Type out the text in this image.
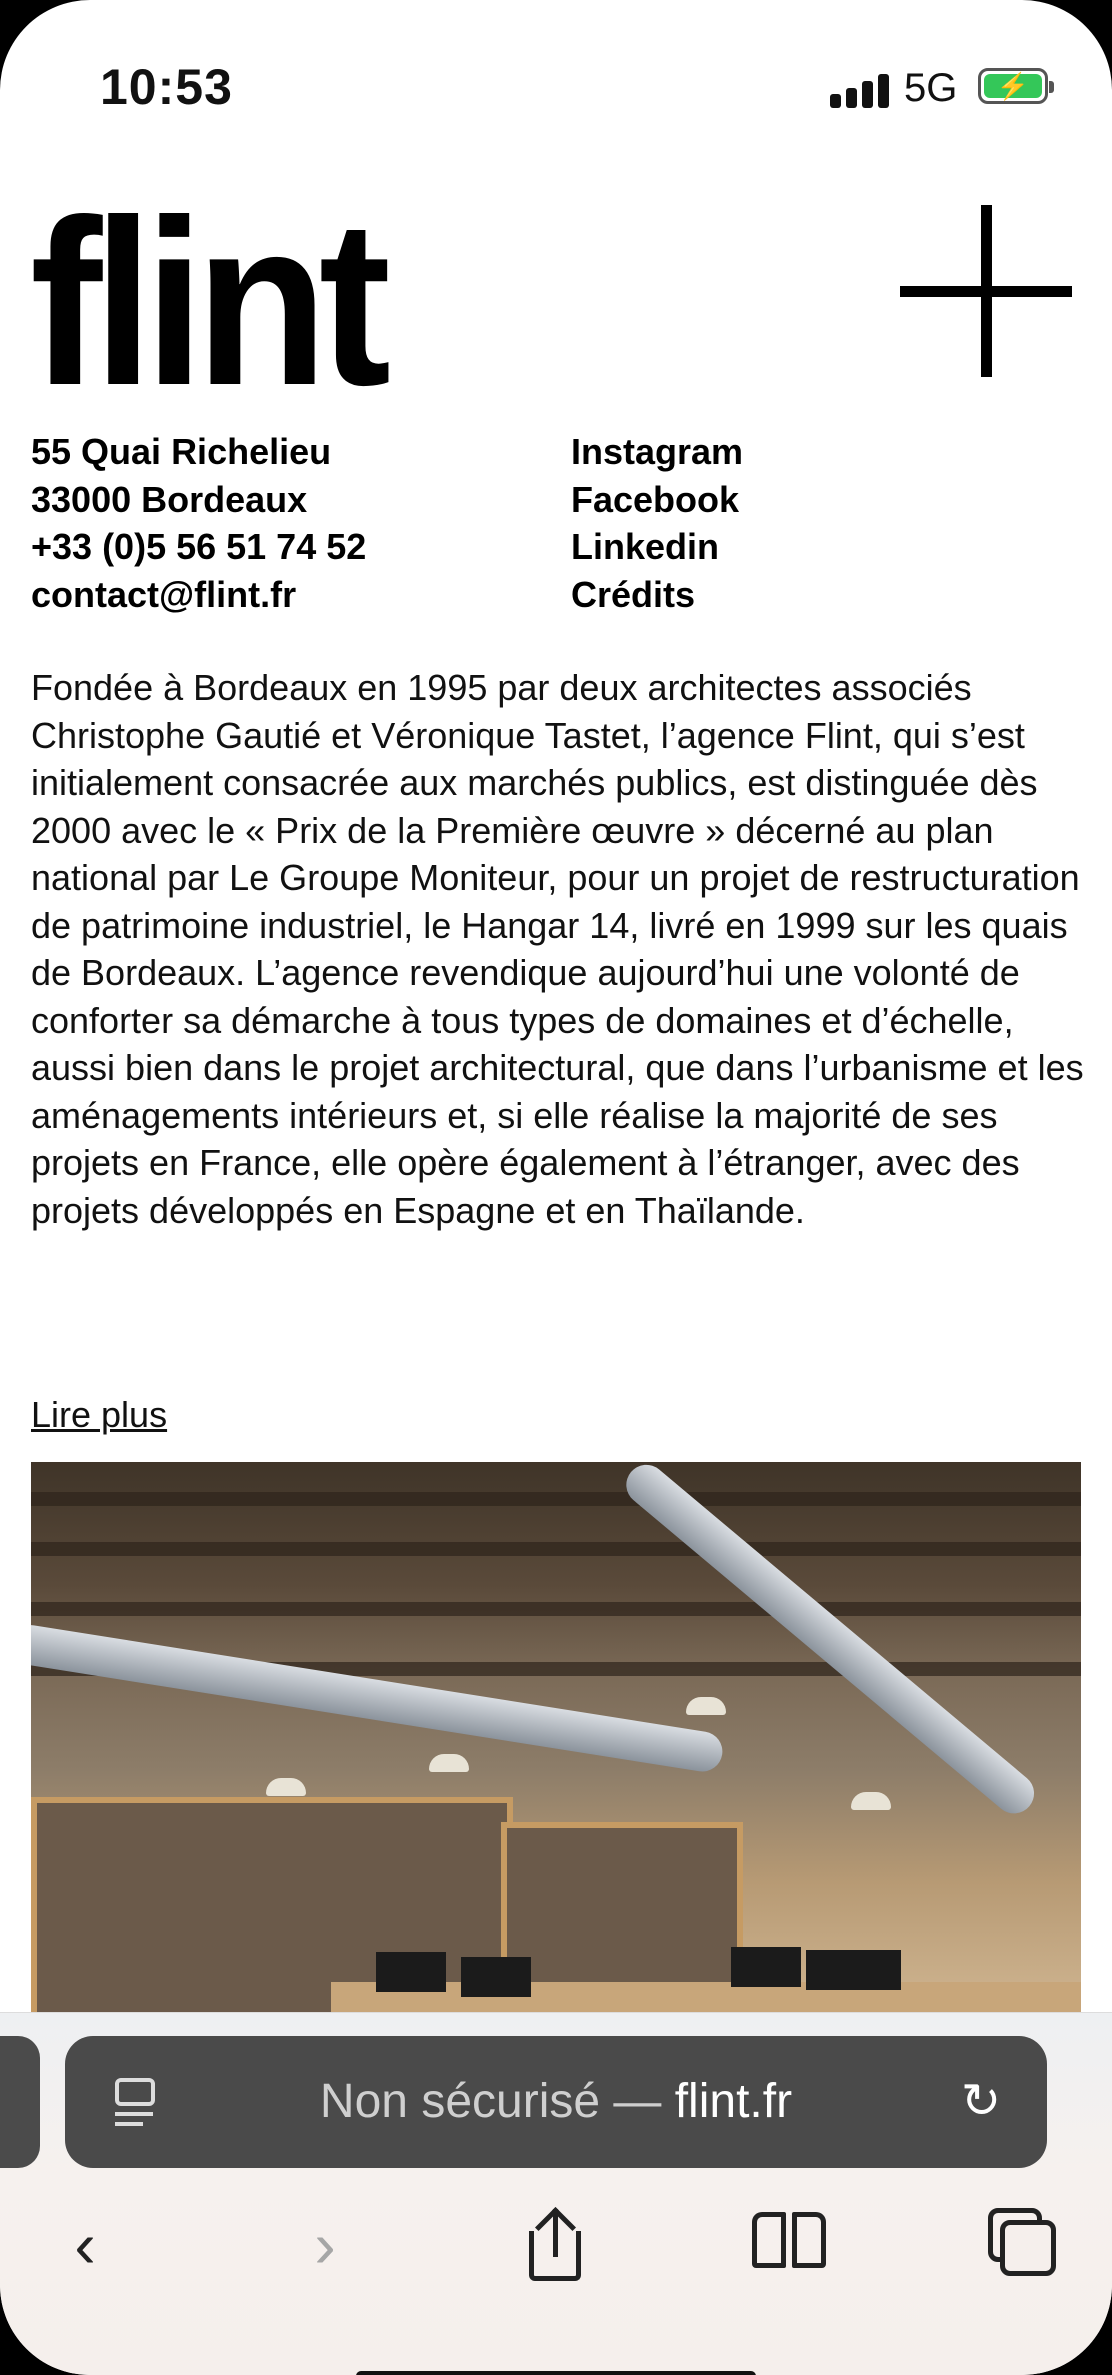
10:53	5G	⚡
flint
55 Quai Richelieu
33000 Bordeaux
+33 (0)5 56 51 74 52
contact@flint.fr
Instagram
Facebook
Linkedin
Crédits
Fondée à Bordeaux en 1995 par deux architectes associés Christophe Gautié et Véronique Tastet, l’agence Flint, qui s’est initialement consacrée aux marchés publics, est distinguée dès 2000 avec le « Prix de la Première œuvre » décerné au plan national par Le Groupe Moniteur, pour un projet de restructuration de patrimoine industriel, le Hangar 14, livré en 1999 sur les quais de Bordeaux. L’agence revendique aujourd’hui une volonté de conforter sa démarche à tous types de domaines et d’échelle, aussi bien dans le projet architectural, que dans l’urbanisme et les aménagements intérieurs et, si elle réalise la majorité de ses projets en France, elle opère également à l’étranger, avec des projets développés en Espagne et en Thaïlande.
Lire plus
Non sécurisé — flint.fr	↻
‹	›
